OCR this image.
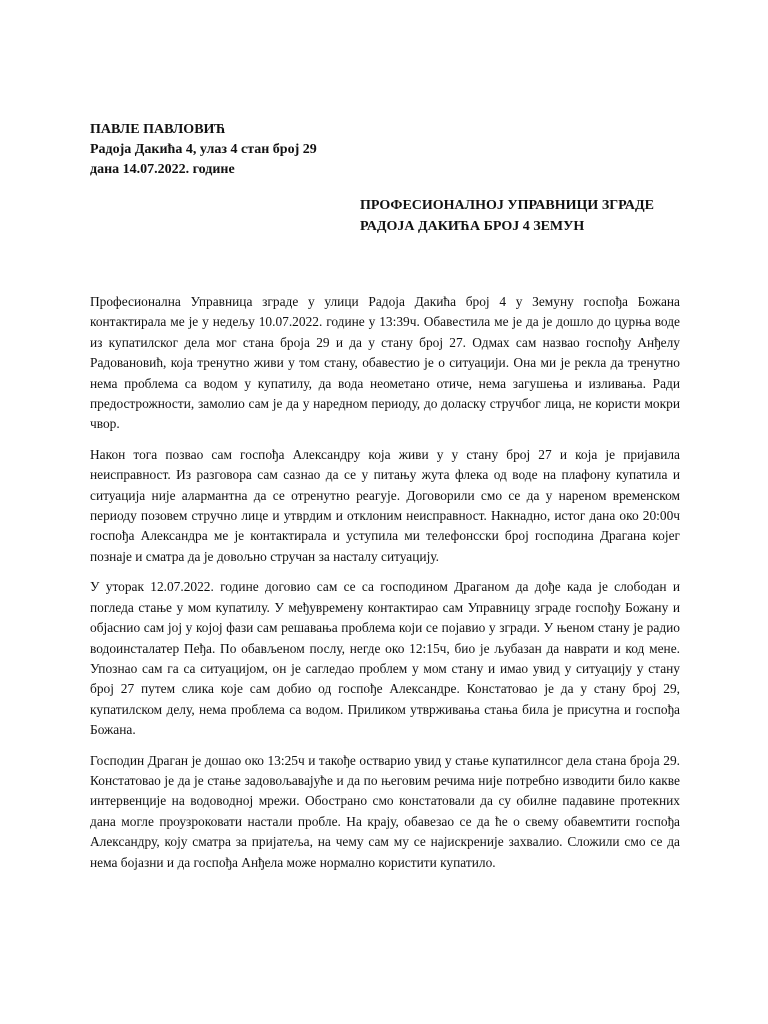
ПАВЛЕ ПАВЛОВИЋ
Радоја Дакића 4, улаз 4 стан број 29
дана 14.07.2022. године
ПРОФЕСИОНАЛНОЈ УПРАВНИЦИ ЗГРАДЕ
РАДОЈА ДАКИЋА БРОЈ 4 ЗЕМУН

Професионална Управница зграде у улици Радоја Дакића број 4 у Земуну госпођа Божана контактирала ме је у недељу 10.07.2022. године у 13:39ч. Обавестила ме је да је дошло до цурња воде из купатилског дела мог стана броја 29 и да у стану број 27. Одмах сам назвао госпођу Анђелу Радовановић, која тренутно живи у том стану, обавестио је о ситуацији. Она ми је рекла да тренутно нема проблема са водом у купатилу, да вода неометано отиче, нема загушења и изливања. Ради предострожности, замолио сам је да у наредном периоду, до доласку стручбог лица, не користи мокри чвор.

Након тога позвао сам госпођа Александру која живи у у стану број 27 и која је пријавила неисправност. Из разговора сам сазнао да се у питању жута флека од воде на плафону купатила и ситуација није алармантна да се отренутно реагује. Договорили смо се да у нареном временском периоду позовем стручно лице и утврдим и отклоним неисправност. Накнадно, истог дана око 20:00ч госпођа Александра ме је контактирала и уступила ми телефонсски број господина Драгана којег познаје и сматра да је довољно стручан за насталу ситуацију.

У уторак 12.07.2022. године договио сам се са господином Драганом да дође када је слободан и погледа стање у мом купатилу. У међувремену контактирао сам Управницу зграде госпођу Божану и објаснио сам јој у којој фази сам решавања проблема који се појавио у згради. У њеном стану је радио водоинсталатер Пеђа. По обављеном послу, негде око 12:15ч, био је љубазан да наврати и код мене. Упознао сам га са ситуацијом, он је сагледао проблем у мом стану и имао увид у ситуацију у стану број 27 путем слика које сам добио од госпође Александре. Констатовао је да у стану број 29, купатилском делу, нема проблема са водом. Приликом утврживања стања била је присутна и госпођа Божана.

Господин Драган је дошао око 13:25ч и такође остварио увид у стање купатилнсог дела стана броја 29. Констатовао је да је стање задовољавајуће и да по његовим речима није потребно изводити било какве интервенције на водоводној мрежи. Обострано смо констатовали да су обилне падавине протекних дана могле проузроковати настали пробле. На крају, обавезао се да ће о свему обавемтити госпођа Александру, коју сматра за пријатеља, на чему сам му се најискреније захвалио. Сложили смо се да нема бојазни и да госпођа Анђела може нормално користити купатило.
